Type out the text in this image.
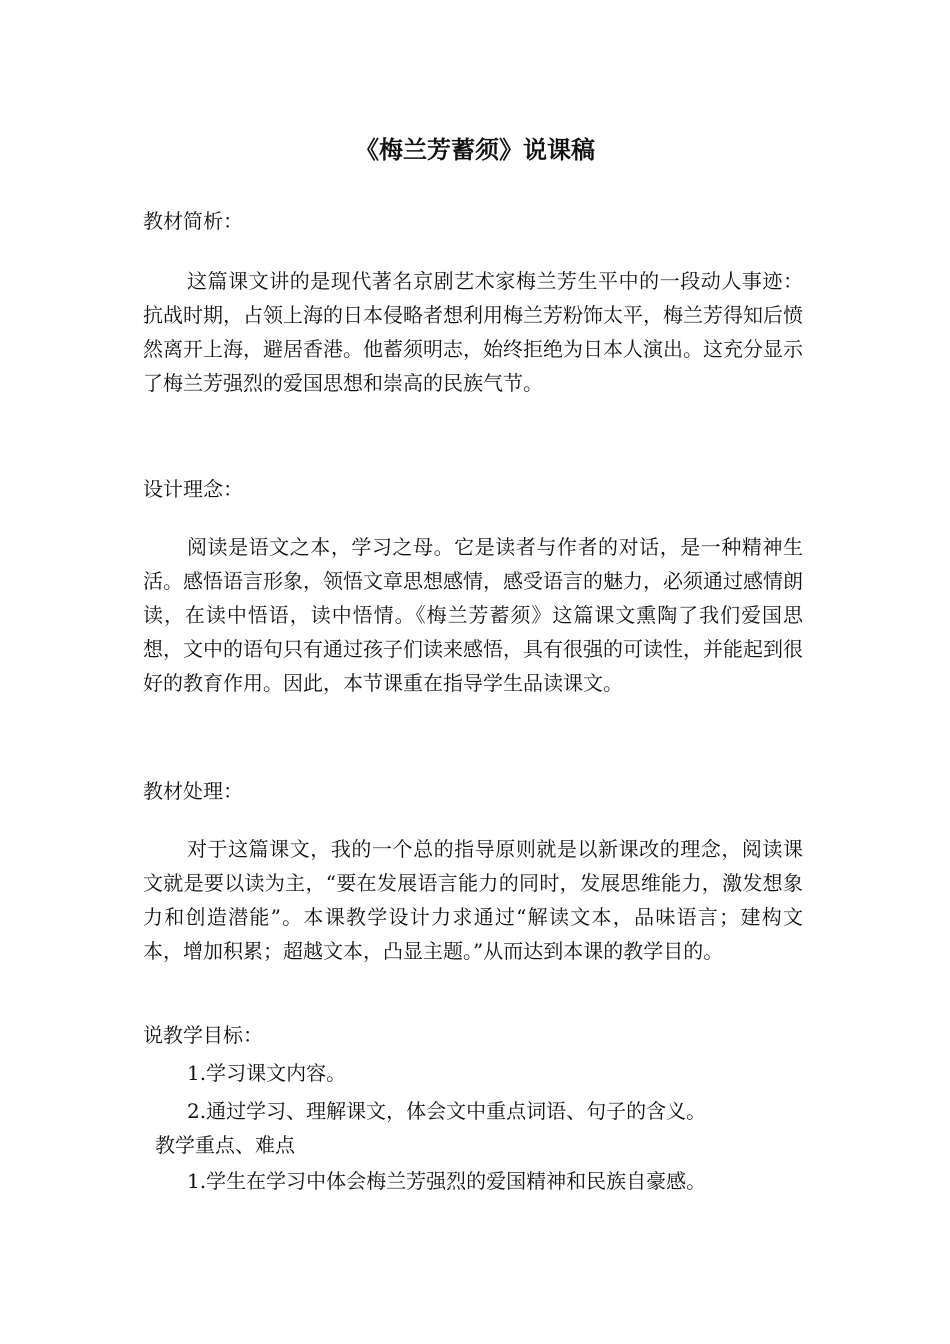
《梅兰芳蓄须》说课稿

教材简析：

这篇课文讲的是现代著名京剧艺术家梅兰芳生平中的一段动人事迹：抗战时期，占领上海的日本侵略者想利用梅兰芳粉饰太平，梅兰芳得知后愤然离开上海，避居香港。他蓄须明志，始终拒绝为日本人演出。这充分显示了梅兰芳强烈的爱国思想和崇高的民族气节。

设计理念：

阅读是语文之本，学习之母。它是读者与作者的对话，是一种精神生活。感悟语言形象，领悟文章思想感情，感受语言的魅力，必须通过感情朗读，在读中悟语，读中悟情。《梅兰芳蓄须》这篇课文熏陶了我们爱国思想，文中的语句只有通过孩子们读来感悟，具有很强的可读性，并能起到很好的教育作用。因此，本节课重在指导学生品读课文。

教材处理：

对于这篇课文，我的一个总的指导原则就是以新课改的理念，阅读课文就是要以读为主，“要在发展语言能力的同时，发展思维能力，激发想象力和创造潜能”。本课教学设计力求通过“解读文本，品味语言；建构文本，增加积累；超越文本，凸显主题。”从而达到本课的教学目的。

说教学目标：

1.学习课文内容。

2.通过学习、理解课文，体会文中重点词语、句子的含义。

教学重点、难点

1.学生在学习中体会梅兰芳强烈的爱国精神和民族自豪感。
